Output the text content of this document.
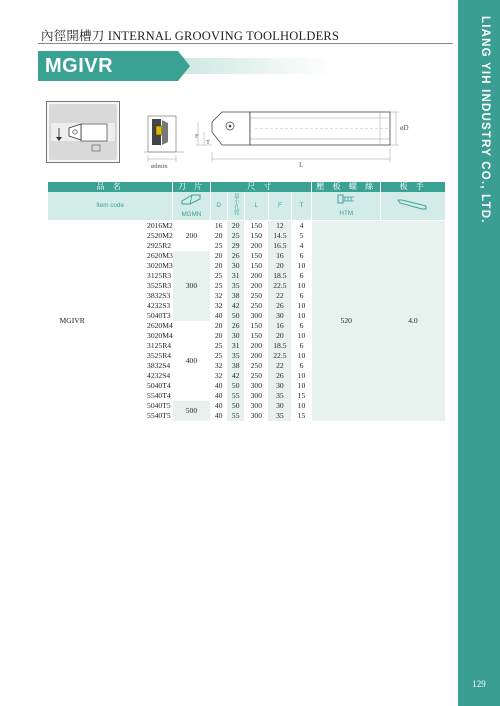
LIANG YIH INDUSTRY CO., LTD.
129
內徑開槽刀 INTERNAL GROOVING TOOLHOLDERS
MGIVR
ødmin	L
øD
F
T
品 名		刀 片	尺 寸					壓 板 螺 絲	板 手
Item code		MGMN	D	最小孔徑	L	F	T	HTM

MGIVR	2016M2	200	16	20	150	12	4	520	4.0
	2520M2		20	25	150	14.5	5		
	2925R2		25	29	200	16.5	4		
	2620M3	300	20	26	150	16	6		
	3020M3		20	30	150	20	10		
	3125R3		25	31	200	18.5	6		
	3525R3		25	35	200	22.5	10		
	3832S3		32	38	250	22	6		
	4232S3		32	42	250	26	10		
	5040T3		40	50	300	30	10		
	2620M4	400	20	26	150	16	6		
	3020M4		20	30	150	20	10		
	3125R4		25	31	200	18.5	6		
	3525R4		25	35	200	22.5	10		
	3832S4		32	38	250	22	6		
	4232S4		32	42	250	26	10		
	5040T4		40	50	300	30	10		
	5540T4		40	55	300	35	15		
	5040T5	500	40	50	300	30	10		
	5540T5		40	55	300	35	15		
